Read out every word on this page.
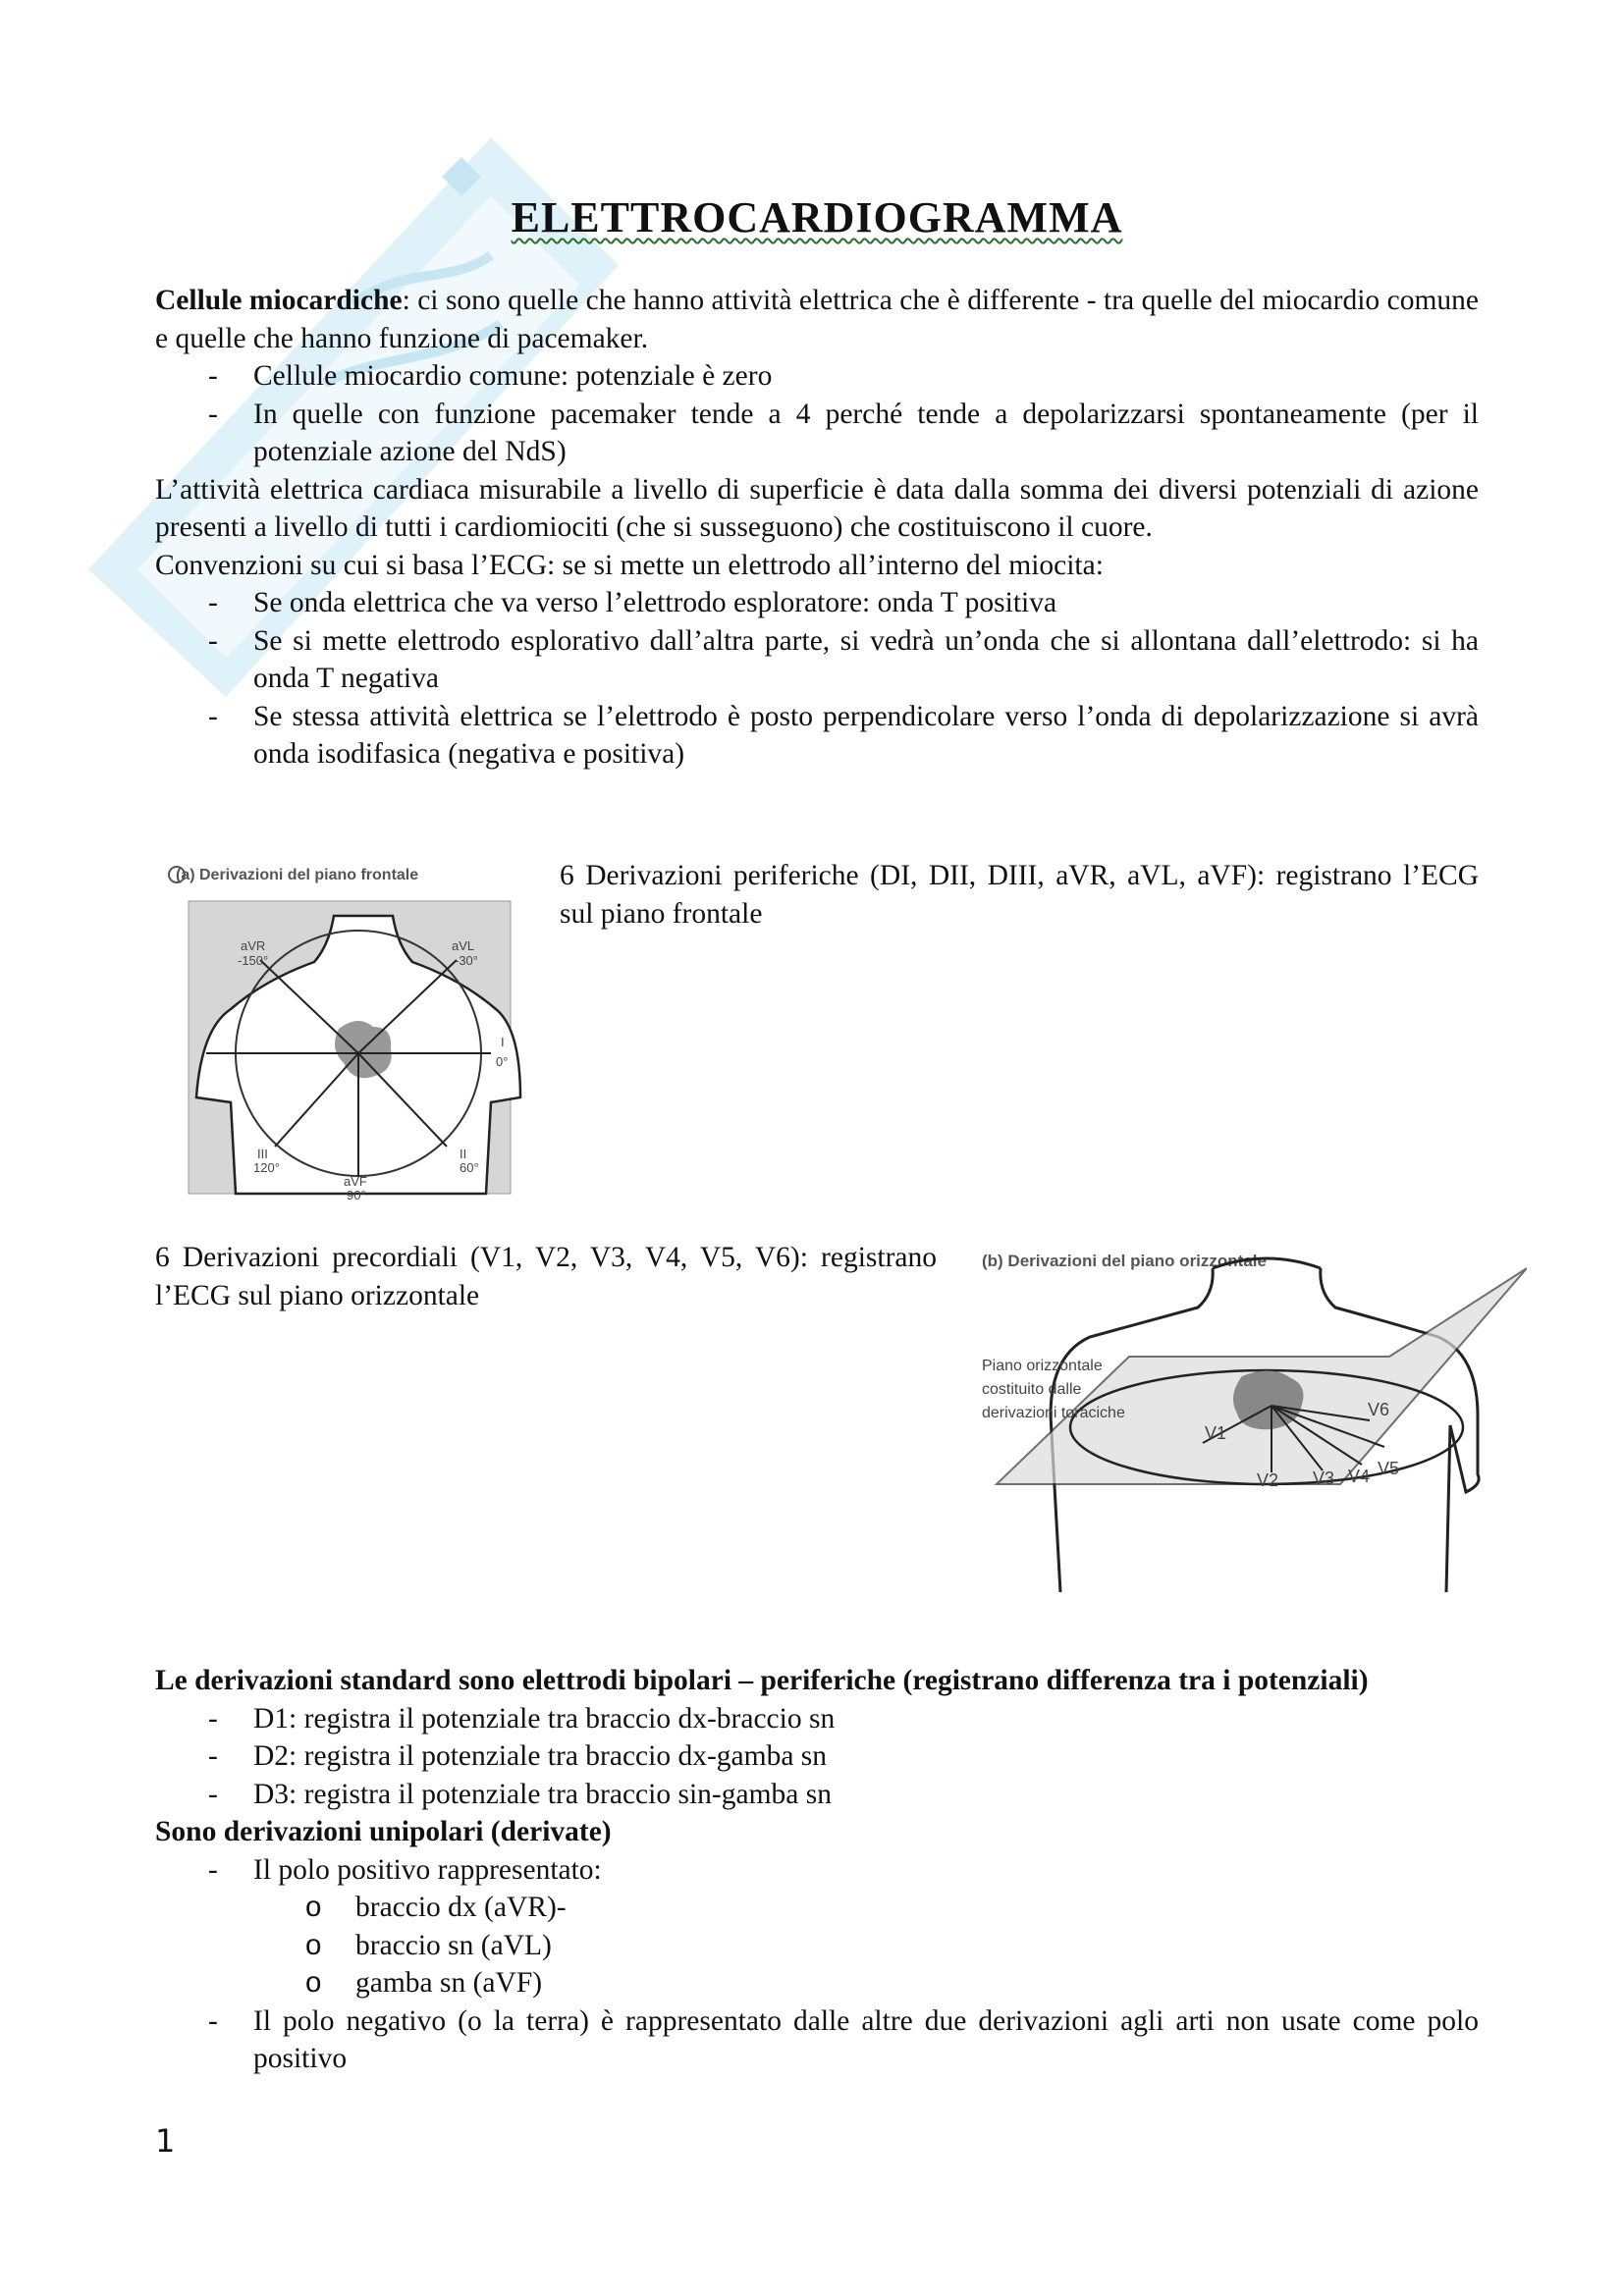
ELETTROCARDIOGRAMMA

Cellule miocardiche: ci sono quelle che hanno attività elettrica che è differente - tra quelle del miocardio comune e quelle che hanno funzione di pacemaker.

- Cellule miocardio comune: potenziale è zero
- In quelle con funzione pacemaker tende a 4 perché tende a depolarizzarsi spontaneamente (per il potenziale azione del NdS)

L’attività elettrica cardiaca misurabile a livello di superficie è data dalla somma dei diversi potenziali di azione presenti a livello di tutti i cardiomiociti (che si susseguono) che costituiscono il cuore.

Convenzioni su cui si basa l’ECG: se si mette un elettrodo all’interno del miocita:

- Se onda elettrica che va verso l’elettrodo esploratore: onda T positiva
- Se si mette elettrodo esplorativo dall’altra parte, si vedrà un’onda che si allontana dall’elettrodo: si ha onda T negativa
- Se stessa attività elettrica se l’elettrodo è posto perpendicolare verso l’onda di depolarizzazione si avrà onda isodifasica (negativa e positiva)

6 Derivazioni periferiche (DI, DII, DIII, aVR, aVL, aVF): registrano l’ECG sul piano frontale

6 Derivazioni precordiali (V1, V2, V3, V4, V5, V6): registrano l’ECG sul piano orizzontale

Le derivazioni standard sono elettrodi bipolari – periferiche (registrano differenza tra i potenziali)

- D1: registra il potenziale tra braccio dx-braccio sn
- D2: registra il potenziale tra braccio dx-gamba sn
- D3: registra il potenziale tra braccio sin-gamba sn

Sono derivazioni unipolari (derivate)

- Il polo positivo rappresentato:
o braccio dx (aVR)-
o braccio sn (aVL)
o gamba sn (aVF)
- Il polo negativo (o la terra) è rappresentato dalle altre due derivazioni agli arti non usate come polo positivo
(a) Derivazioni del piano frontale
aVR
-150°
aVL
-30°
I
0°
III
120°
aVF
90°
II
60°
(b) Derivazioni del piano orizzontale
Piano orizzontale
costituito dalle
derivazioni toraciche
V1
V2 V3 V4 V5
V6
1
